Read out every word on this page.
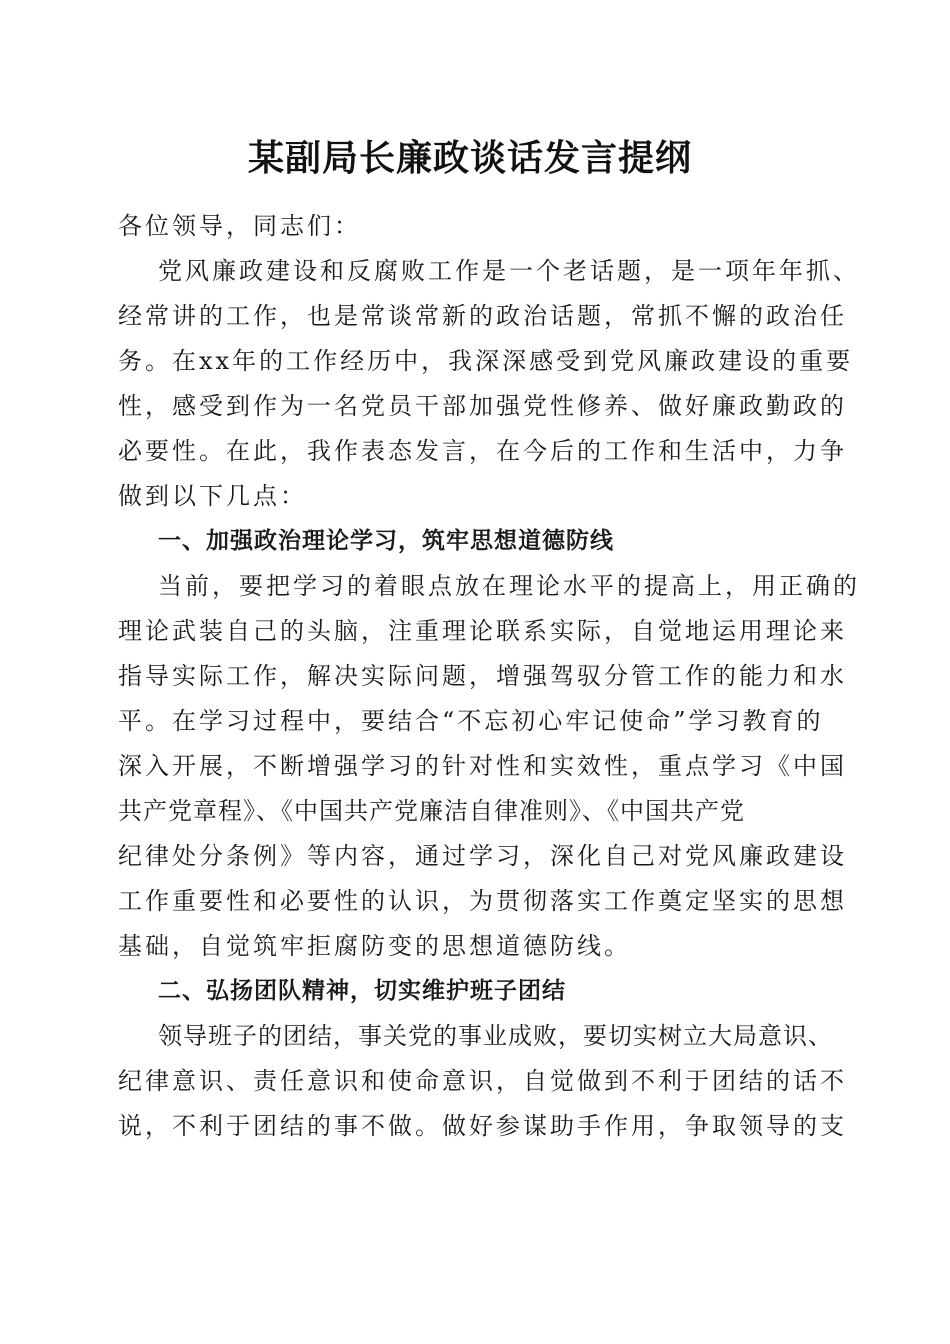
某副局长廉政谈话发言提纲
各位领导，同志们：
党风廉政建设和反腐败工作是一个老话题，是一项年年抓、
经常讲的工作，也是常谈常新的政治话题，常抓不懈的政治任
务。在xx年的工作经历中，我深深感受到党风廉政建设的重要
性，感受到作为一名党员干部加强党性修养、做好廉政勤政的
必要性。在此，我作表态发言，在今后的工作和生活中，力争
做到以下几点：
一、加强政治理论学习，筑牢思想道德防线
当前，要把学习的着眼点放在理论水平的提高上，用正确的
理论武装自己的头脑，注重理论联系实际，自觉地运用理论来
指导实际工作，解决实际问题，增强驾驭分管工作的能力和水
平。在学习过程中，要结合“不忘初心牢记使命”学习教育的
深入开展，不断增强学习的针对性和实效性，重点学习《中国
共产党章程》、《中国共产党廉洁自律准则》、《中国共产党
纪律处分条例》等内容，通过学习，深化自己对党风廉政建设
工作重要性和必要性的认识，为贯彻落实工作奠定坚实的思想
基础，自觉筑牢拒腐防变的思想道德防线。
二、弘扬团队精神，切实维护班子团结
领导班子的团结，事关党的事业成败，要切实树立大局意识、
纪律意识、责任意识和使命意识，自觉做到不利于团结的话不
说，不利于团结的事不做。做好参谋助手作用，争取领导的支
